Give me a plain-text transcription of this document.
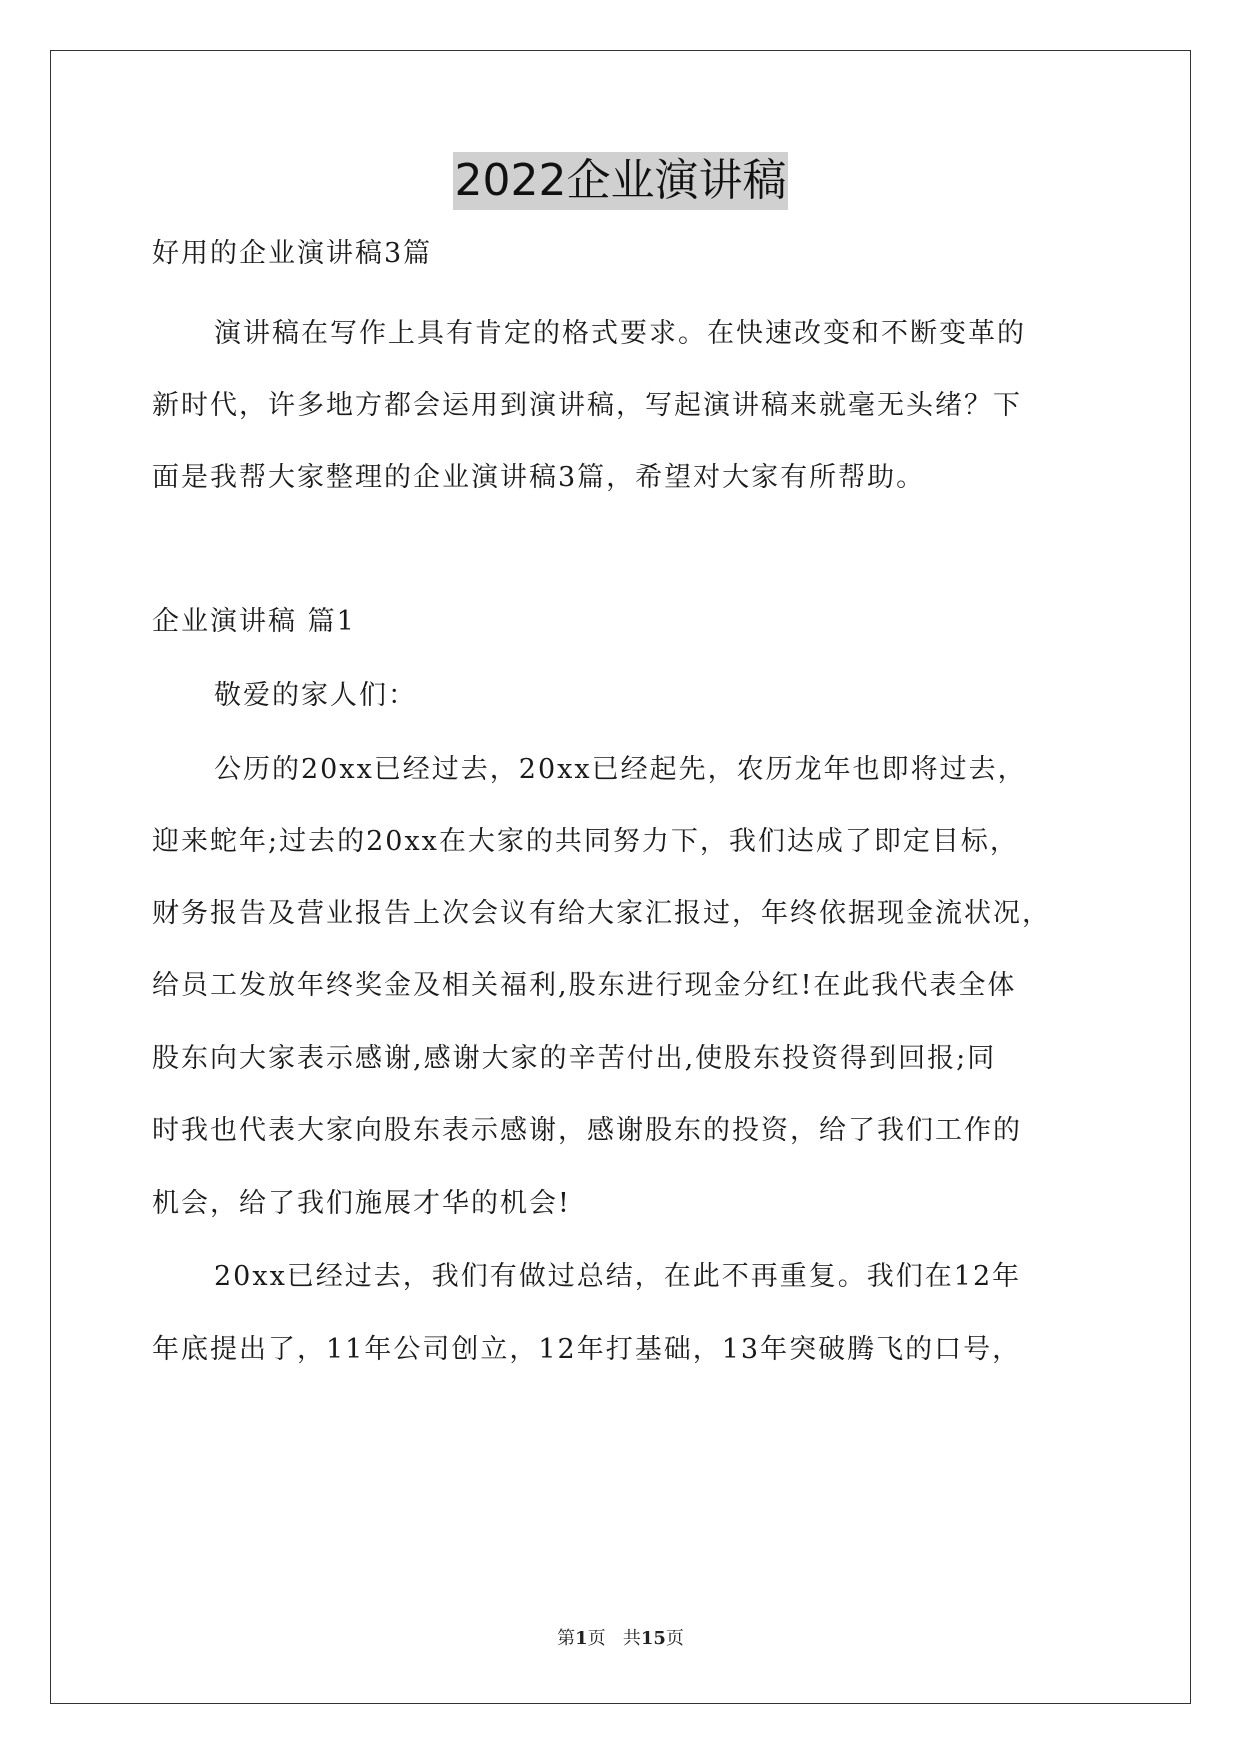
2022企业演讲稿
好用的企业演讲稿3篇
演讲稿在写作上具有肯定的格式要求。在快速改变和不断变革的
新时代，许多地方都会运用到演讲稿，写起演讲稿来就毫无头绪？下
面是我帮大家整理的企业演讲稿3篇，希望对大家有所帮助。
企业演讲稿 篇1
敬爱的家人们：
公历的20xx已经过去，20xx已经起先，农历龙年也即将过去，
迎来蛇年;过去的20xx在大家的共同努力下，我们达成了即定目标，
财务报告及营业报告上次会议有给大家汇报过，年终依据现金流状况，
给员工发放年终奖金及相关福利,股东进行现金分红!在此我代表全体
股东向大家表示感谢,感谢大家的辛苦付出,使股东投资得到回报;同
时我也代表大家向股东表示感谢，感谢股东的投资，给了我们工作的
机会，给了我们施展才华的机会!
20xx已经过去，我们有做过总结，在此不再重复。我们在12年
年底提出了，11年公司创立，12年打基础，13年突破腾飞的口号，
第1页 共15页
